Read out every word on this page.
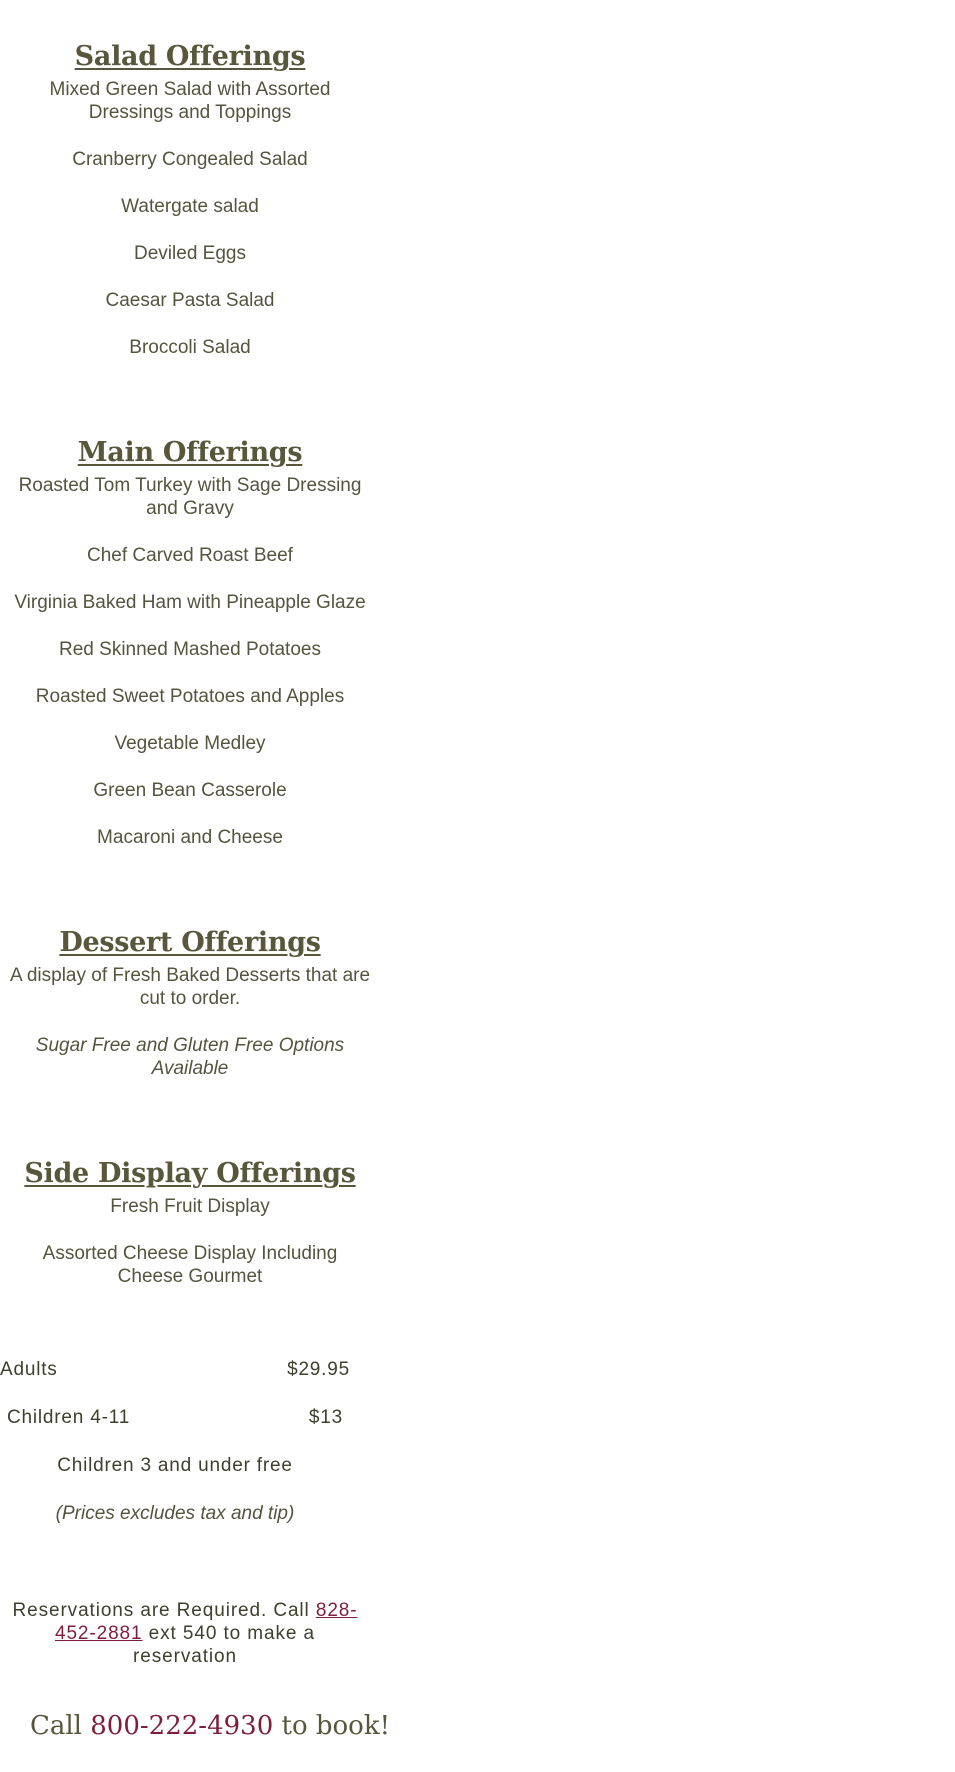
Salad Offerings

Mixed Green Salad with Assorted Dressings and Toppings

Cranberry Congealed Salad

Watergate salad

Deviled Eggs

Caesar Pasta Salad

Broccoli Salad

Main Offerings

Roasted Tom Turkey with Sage Dressing and Gravy

Chef Carved Roast Beef

Virginia Baked Ham with Pineapple Glaze

Red Skinned Mashed Potatoes

Roasted Sweet Potatoes and Apples

Vegetable Medley

Green Bean Casserole

Macaroni and Cheese

Dessert Offerings

A display of Fresh Baked Desserts that are cut to order.

Sugar Free and Gluten Free Options Available

Side Display Offerings

Fresh Fruit Display

Assorted Cheese Display Including Cheese Gourmet

Adults	$29.95
Children 4-11	$13
Children 3 and under free
(Prices excludes tax and tip)
Reservations are Required. Call 828-452-2881 ext 540 to make a reservation
Call 800-222-4930 to book!
